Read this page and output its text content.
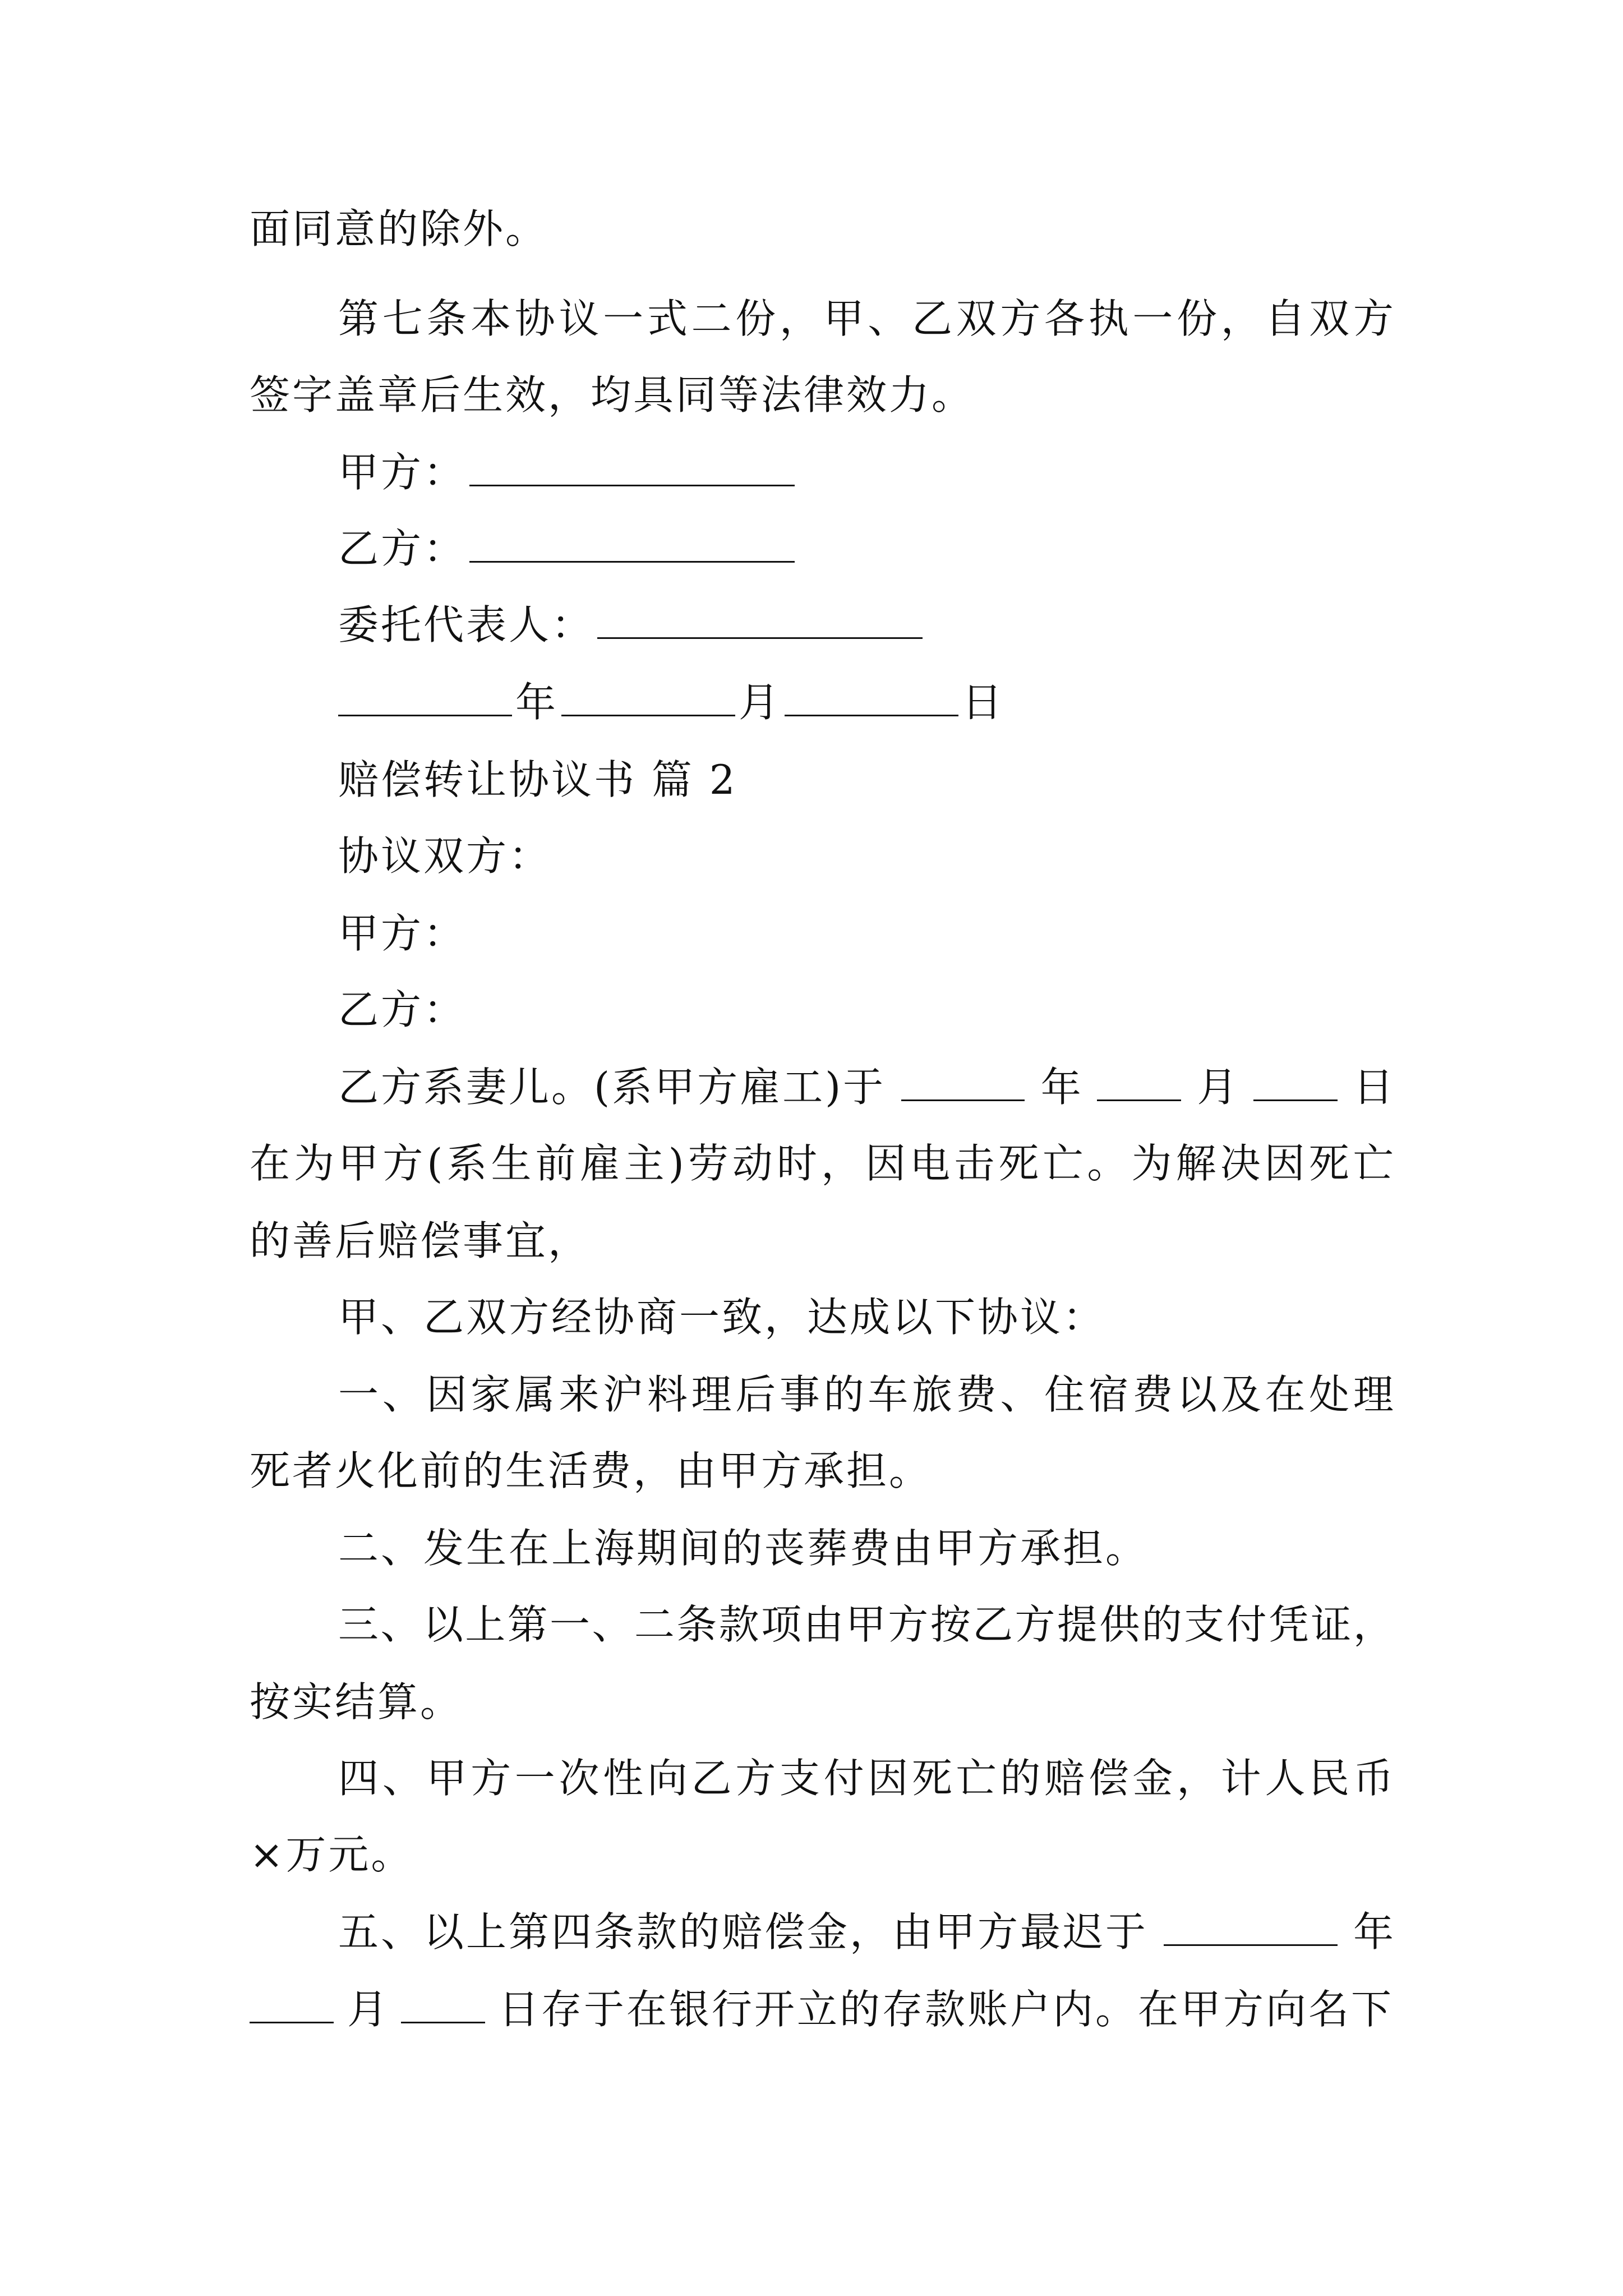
面同意的除外。
第 七 条 本 协 议 一 式 二 份 ， 甲 、 乙 双 方 各 执 一 份 ， 自 双 方
签字盖章后生效，均具同等法律效力。
甲方：
乙方：
委托代表人：
年	月	日
赔偿转让协议书 篇 2
协议双方：
甲方：
乙方：
乙方系妻儿。(系甲方雇工)于	年	月	日
在 为 甲 方 ( 系 生 前 雇 主 ) 劳 动 时 ， 因 电 击 死 亡 。 为 解 决 因 死 亡
的善后赔偿事宜，
甲、乙双方经协商一致，达成以下协议：
一 、 因 家 属 来 沪 料 理 后 事 的 车 旅 费 、 住 宿 费 以 及 在 处 理
死者火化前的生活费，由甲方承担。
二、发生在上海期间的丧葬费由甲方承担。
三 、 以 上 第 一 、 二 条 款 项 由 甲 方 按 乙 方 提 供 的 支 付 凭 证 ，
按实结算。
四 、 甲 方 一 次 性 向 乙 方 支 付 因 死 亡 的 赔 偿 金 ， 计 人 民 币
×万元。
五、以上第四条款的赔偿金，由甲方最迟于	年
月	日存于在银行开立的存款账户内。在甲方向名下
